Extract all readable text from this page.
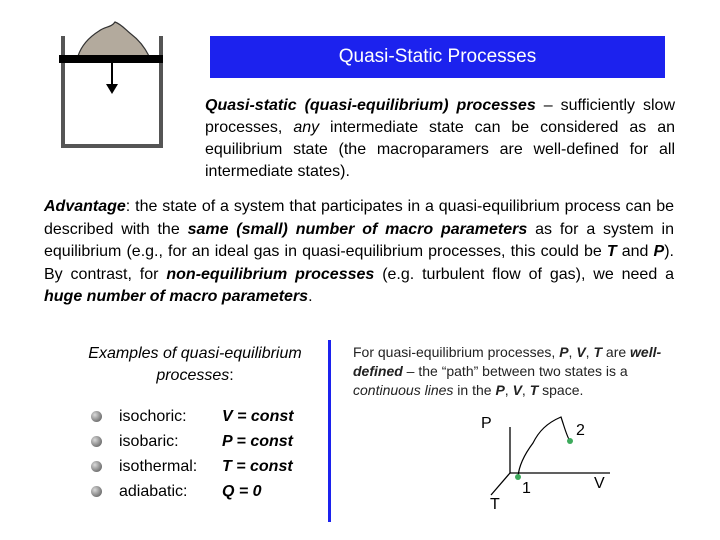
Quasi-Static Processes
Quasi-static (quasi-equilibrium) processes – sufficiently slow processes, any intermediate state can be considered as an equilibrium state (the macroparamers are well-defined for all intermediate states).
Advantage: the state of a system that participates in a quasi-equilibrium process can be described with the same (small) number of macro parameters as for a system in equilibrium (e.g., for an ideal gas in quasi-equilibrium processes, this could be T and P). By contrast, for non-equilibrium processes (e.g. turbulent flow of gas), we need a huge number of macro parameters.
Examples of quasi-equilibrium processes:
isochoric: V = const
isobaric:	P = const
isothermal: T = const
adiabatic: Q = 0
For quasi-equilibrium processes, P, V, T are well-defined – the “path” between two states is a continuous lines in the P, V, T space.
P
V
T
1
2
